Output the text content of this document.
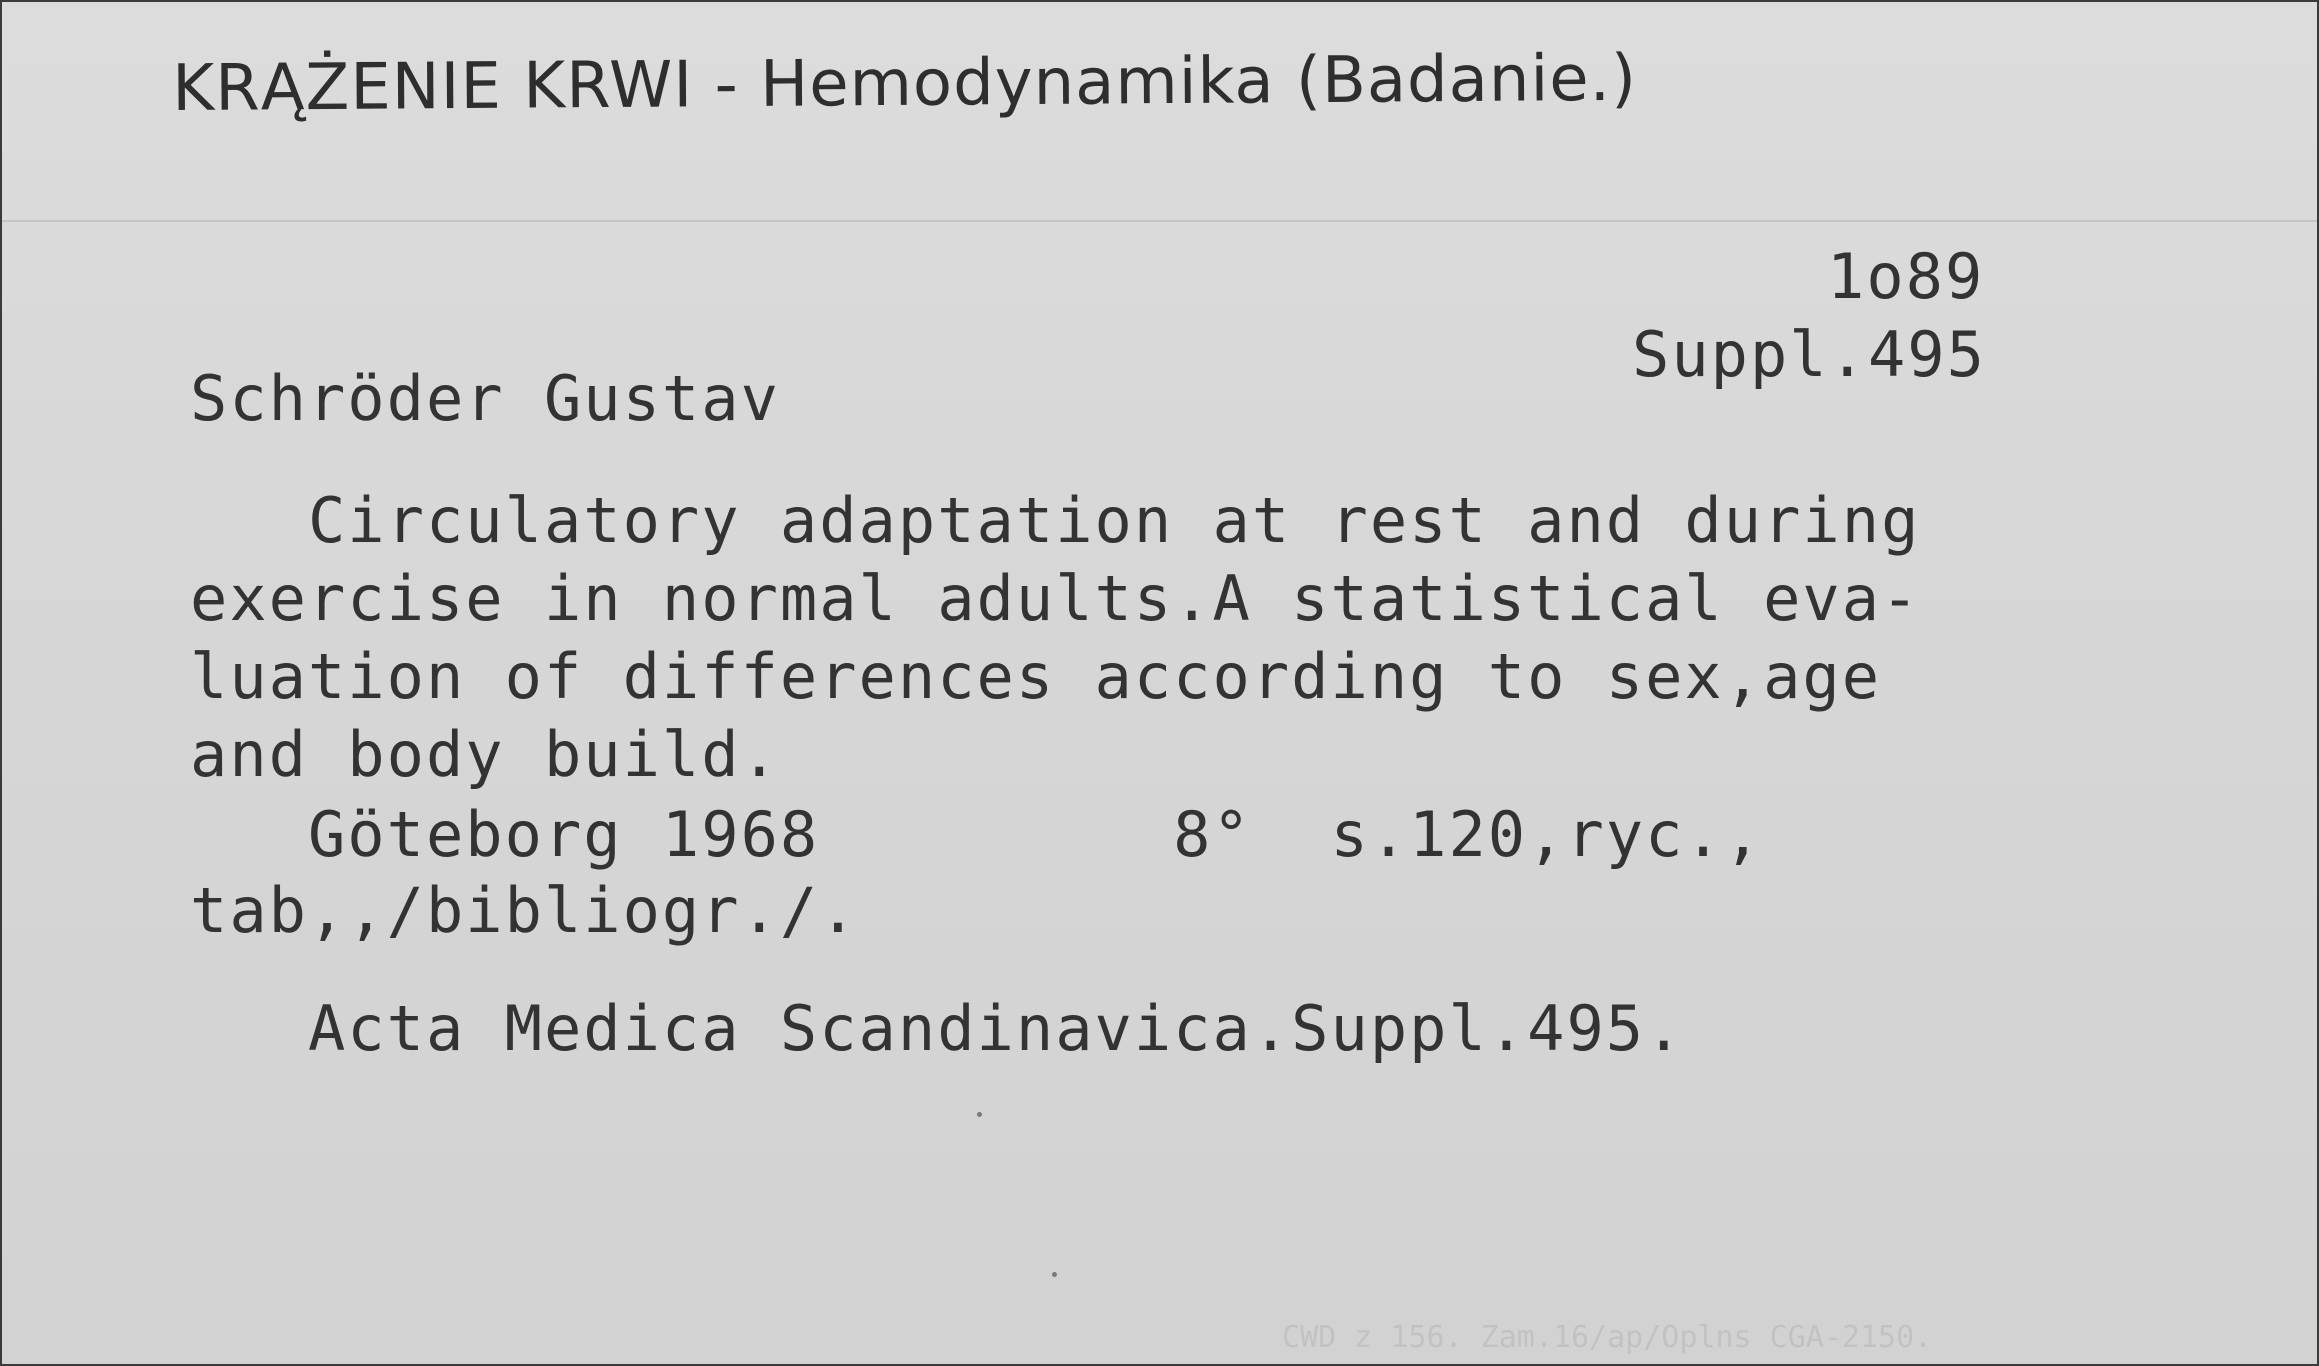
KRĄŻENIE KRWI - Hemodynamika (Badanie.)
1o89
Suppl.495
Schröder Gustav
Circulatory adaptation at rest and during
exercise in normal adults.A statistical eva-
luation of differences according to sex,age
and body build.
Göteborg 1968         8°  s.120,ryc.,
tab,,/bibliogr./.
Acta Medica Scandinavica.Suppl.495.
CWD z 156. Zam.16/ap/Oplns CGA-2150.
